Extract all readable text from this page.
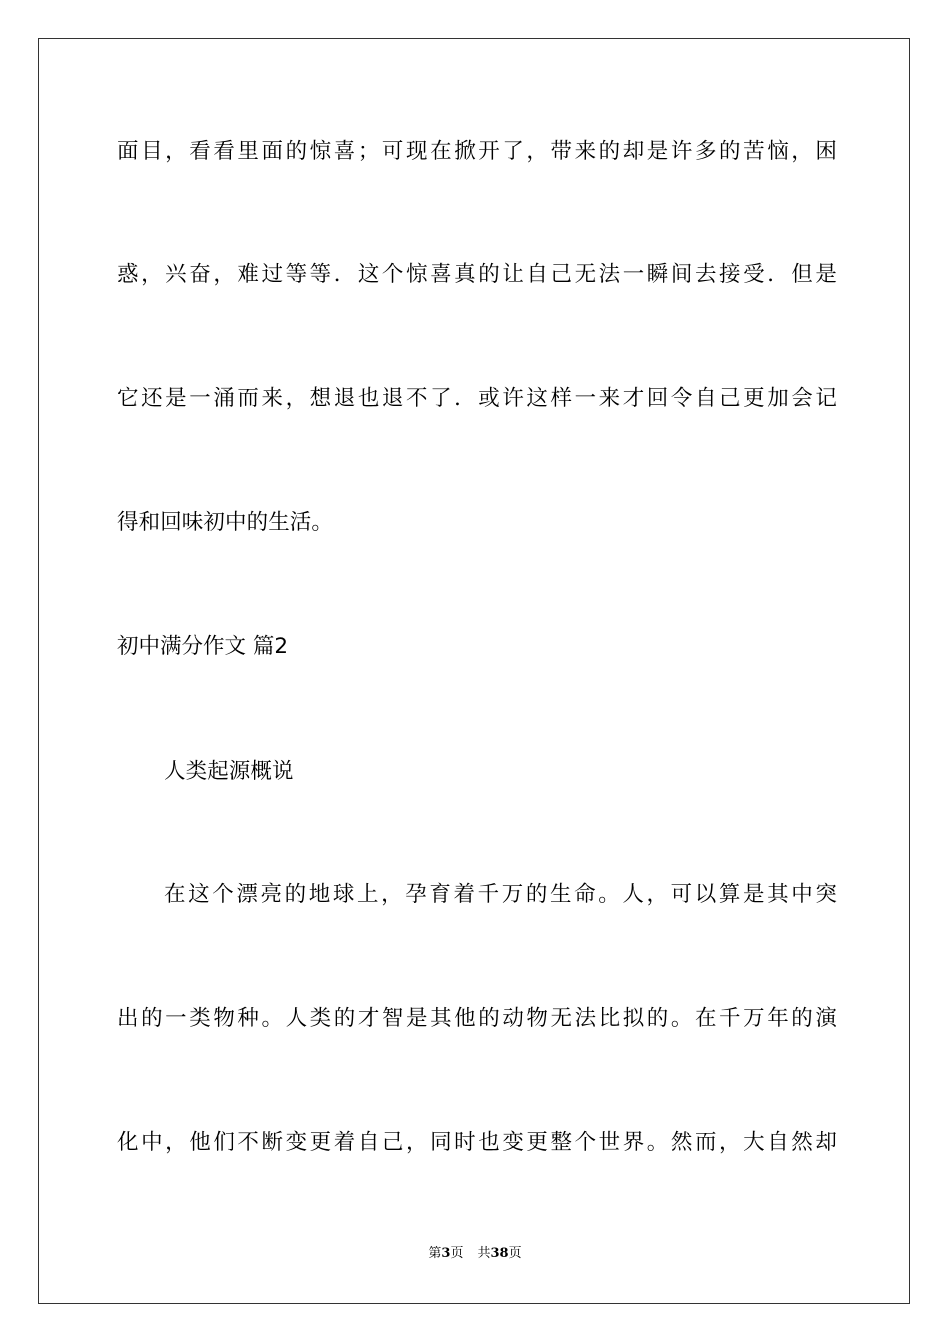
面目，看看里面的惊喜；可现在掀开了，带来的却是许多的苦恼，困
惑，兴奋，难过等等．这个惊喜真的让自己无法一瞬间去接受．但是
它还是一涌而来，想退也退不了．或许这样一来才回令自己更加会记
得和回味初中的生活。
初中满分作文 篇2
人类起源概说
在这个漂亮的地球上，孕育着千万的生命。人，可以算是其中突
出的一类物种。人类的才智是其他的动物无法比拟的。在千万年的演
化中，他们不断变更着自己，同时也变更整个世界。然而，大自然却
第3页 共38页
